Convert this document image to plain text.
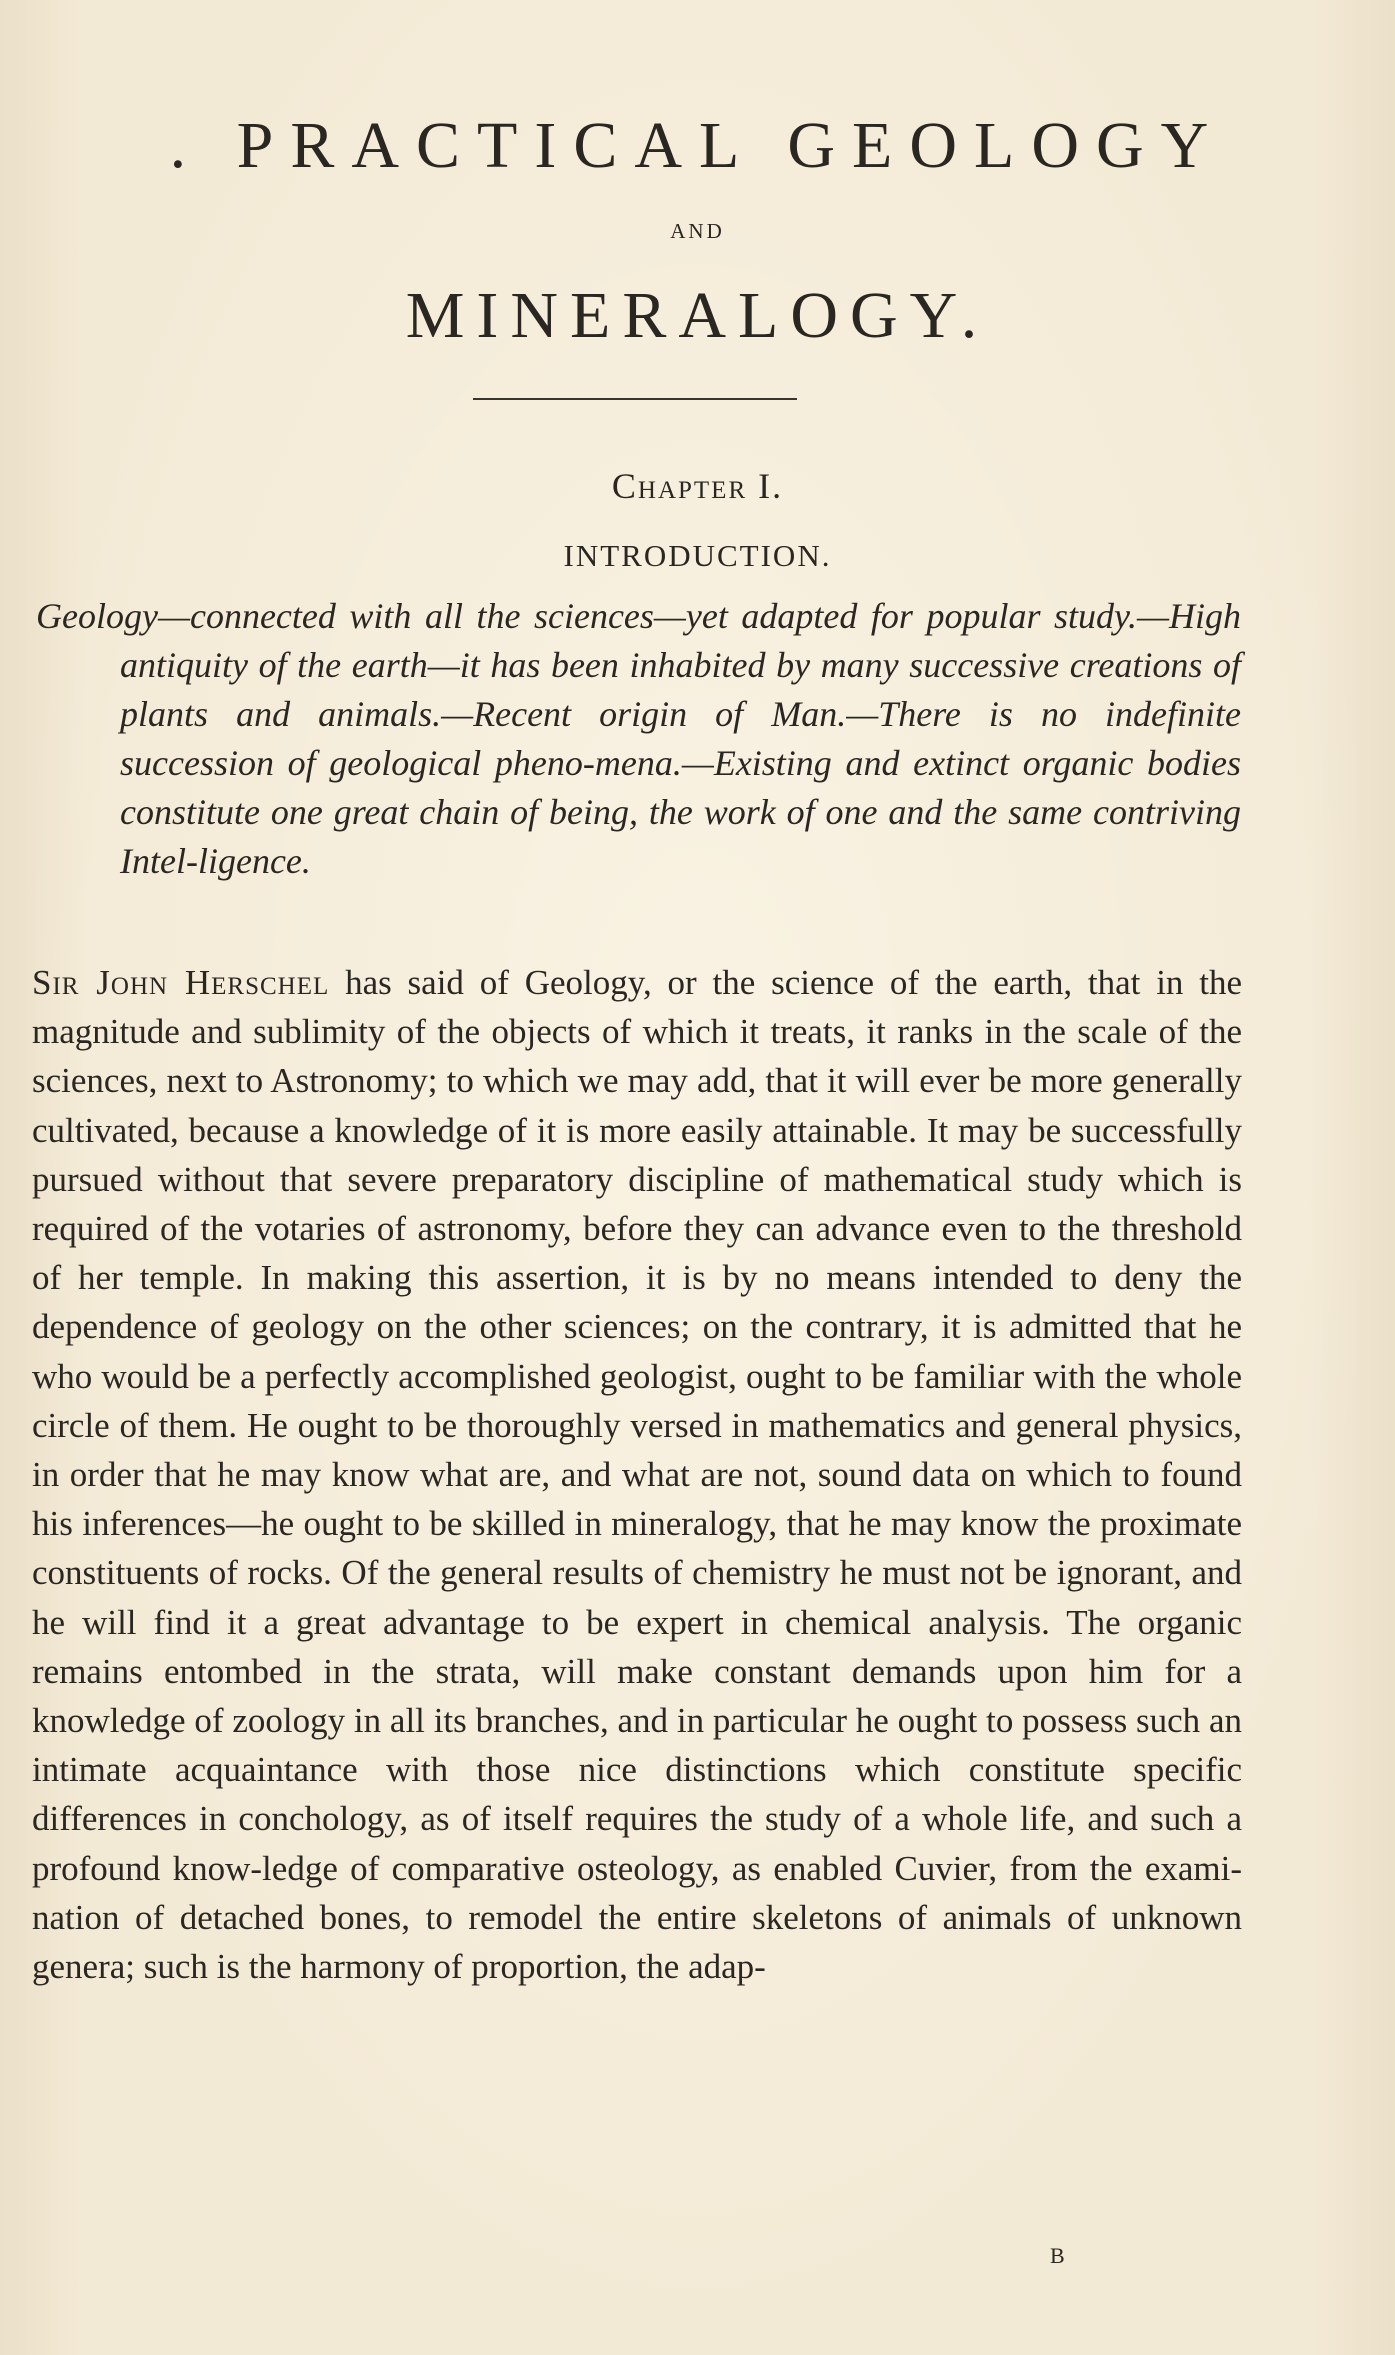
. PRACTICAL GEOLOGY
AND
MINERALOGY.
Chapter I.
INTRODUCTION.

Geology—connected with all the sciences—yet adapted for popular study.—High antiquity of the earth—it has been inhabited by many successive creations of plants and animals.—Recent origin of Man.—There is no indefinite succession of geological pheno-mena.—Existing and extinct organic bodies constitute one great chain of being, the work of one and the same contriving Intel-ligence.

Sir John Herschel has said of Geology, or the science of the earth, that in the magnitude and sublimity of the objects of which it treats, it ranks in the scale of the sciences, next to Astronomy; to which we may add, that it will ever be more generally cultivated, because a knowledge of it is more easily attainable. It may be successfully pursued without that severe preparatory discipline of mathematical study which is required of the votaries of astronomy, before they can advance even to the threshold of her temple. In making this assertion, it is by no means intended to deny the dependence of geology on the other sciences; on the contrary, it is admitted that he who would be a perfectly accomplished geologist, ought to be familiar with the whole circle of them. He ought to be thoroughly versed in mathematics and general physics, in order that he may know what are, and what are not, sound data on which to found his inferences—he ought to be skilled in mineralogy, that he may know the proximate constituents of rocks. Of the general results of chemistry he must not be ignorant, and he will find it a great advantage to be expert in chemical analysis. The organic remains entombed in the strata, will make constant demands upon him for a knowledge of zoology in all its branches, and in particular he ought to possess such an intimate acquaintance with those nice distinctions which constitute specific differences in conchology, as of itself requires the study of a whole life, and such a profound know-ledge of comparative osteology, as enabled Cuvier, from the exami-nation of detached bones, to remodel the entire skeletons of animals of unknown genera; such is the harmony of proportion, the adap-

B
